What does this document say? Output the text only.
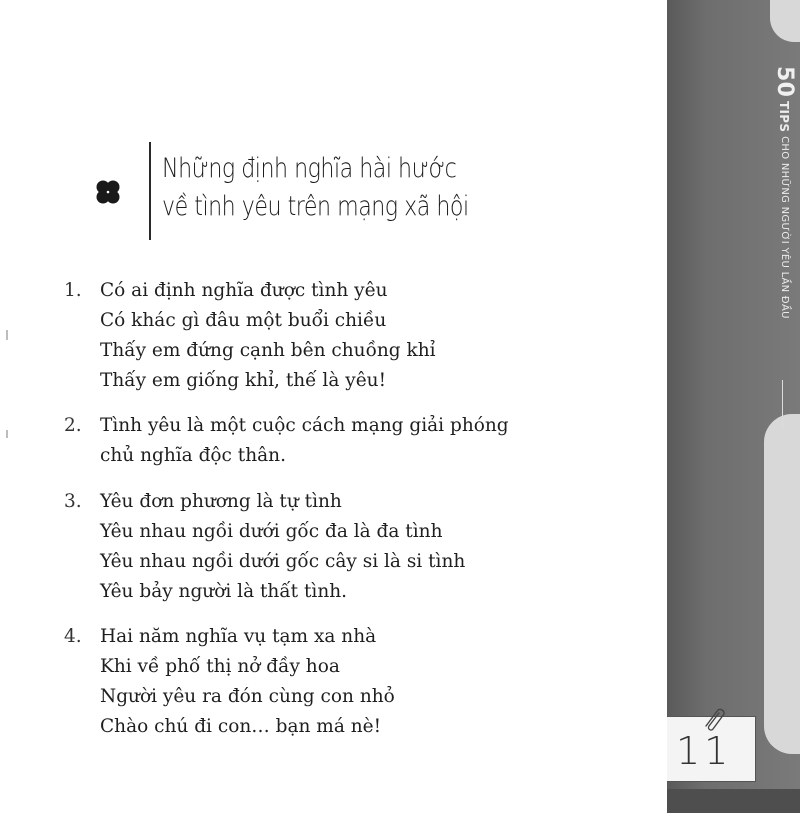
Những định nghĩa hài hước
về tình yêu trên mạng xã hội
1. Có ai định nghĩa được tình yêu
Có khác gì đâu một buổi chiều
Thấy em đứng cạnh bên chuồng khỉ
Thấy em giống khỉ, thế là yêu!
2. Tình yêu là một cuộc cách mạng giải phóng
chủ nghĩa độc thân.
3. Yêu đơn phương là tự tình
Yêu nhau ngồi dưới gốc đa là đa tình
Yêu nhau ngồi dưới gốc cây si là si tình
Yêu bảy người là thất tình.
4. Hai năm nghĩa vụ tạm xa nhà
Khi về phố thị nở đầy hoa
Người yêu ra đón cùng con nhỏ
Chào chú đi con… bạn má nè!
50 TIPS CHO NHỮNG NGƯỜI YÊU LẦN ĐẦU
11
